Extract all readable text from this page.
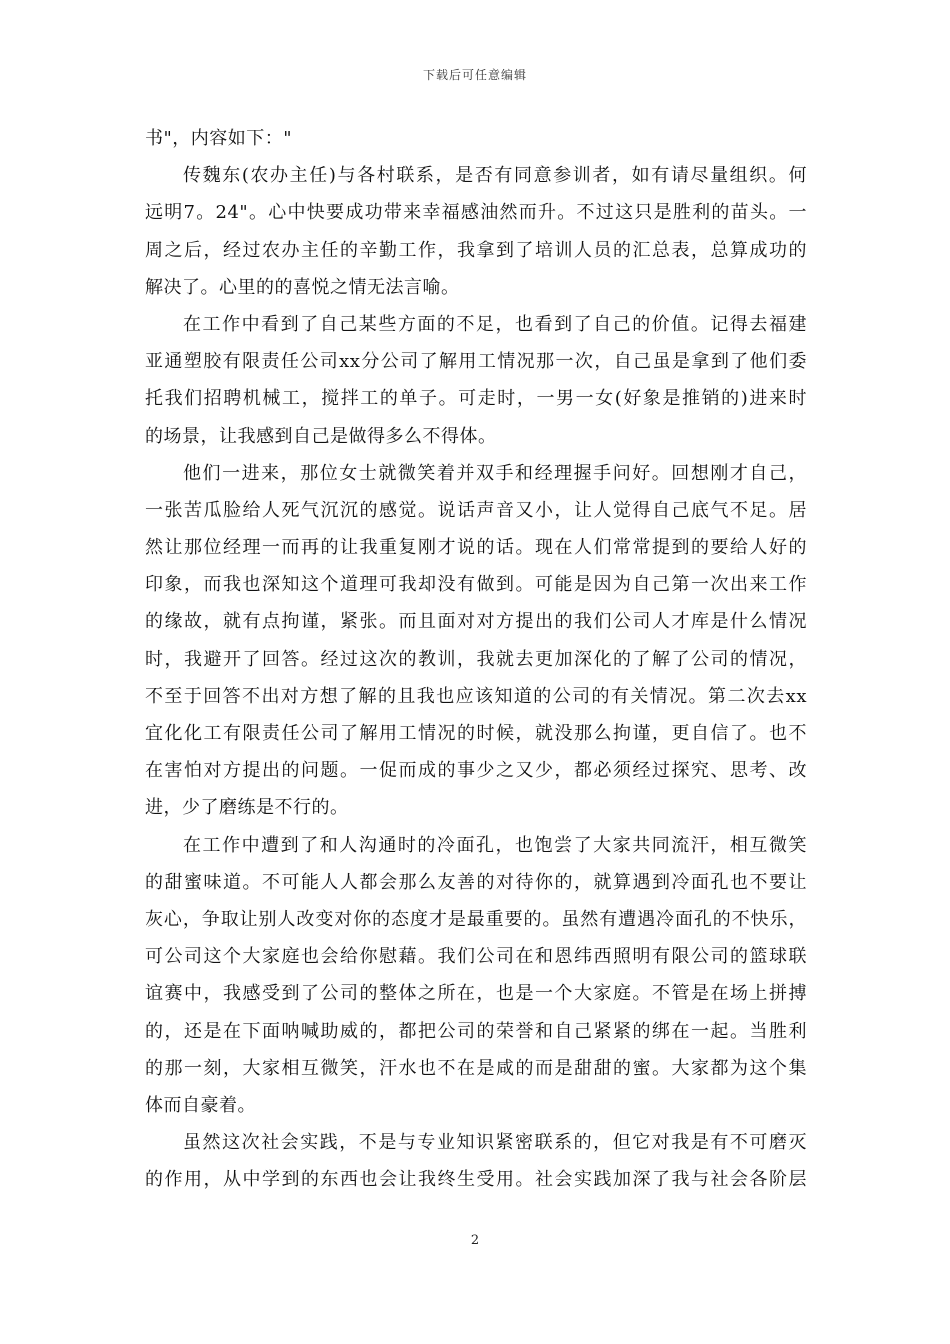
下载后可任意编辑
书"，内容如下："
传魏东(农办主任)与各村联系，是否有同意参训者，如有请尽量组织。何
远明7。24"。心中快要成功带来幸福感油然而升。不过这只是胜利的苗头。一
周之后，经过农办主任的辛勤工作，我拿到了培训人员的汇总表，总算成功的
解决了。心里的的喜悦之情无法言喻。
在工作中看到了自己某些方面的不足，也看到了自己的价值。记得去福建
亚通塑胶有限责任公司xx分公司了解用工情况那一次，自己虽是拿到了他们委
托我们招聘机械工，搅拌工的单子。可走时，一男一女(好象是推销的)进来时
的场景，让我感到自己是做得多么不得体。
他们一进来，那位女士就微笑着并双手和经理握手问好。回想刚才自己，
一张苦瓜脸给人死气沉沉的感觉。说话声音又小，让人觉得自己底气不足。居
然让那位经理一而再的让我重复刚才说的话。现在人们常常提到的要给人好的
印象，而我也深知这个道理可我却没有做到。可能是因为自己第一次出来工作
的缘故，就有点拘谨，紧张。而且面对对方提出的我们公司人才库是什么情况
时，我避开了回答。经过这次的教训，我就去更加深化的了解了公司的情况，
不至于回答不出对方想了解的且我也应该知道的公司的有关情况。第二次去xx
宜化化工有限责任公司了解用工情况的时候，就没那么拘谨，更自信了。也不
在害怕对方提出的问题。一促而成的事少之又少，都必须经过探究、思考、改
进，少了磨练是不行的。
在工作中遭到了和人沟通时的冷面孔，也饱尝了大家共同流汗，相互微笑
的甜蜜味道。不可能人人都会那么友善的对待你的，就算遇到冷面孔也不要让
灰心，争取让别人改变对你的态度才是最重要的。虽然有遭遇冷面孔的不快乐，
可公司这个大家庭也会给你慰藉。我们公司在和恩纬西照明有限公司的篮球联
谊赛中，我感受到了公司的整体之所在，也是一个大家庭。不管是在场上拼搏
的，还是在下面呐喊助威的，都把公司的荣誉和自己紧紧的绑在一起。当胜利
的那一刻，大家相互微笑，汗水也不在是咸的而是甜甜的蜜。大家都为这个集
体而自豪着。
虽然这次社会实践，不是与专业知识紧密联系的，但它对我是有不可磨灭
的作用，从中学到的东西也会让我终生受用。社会实践加深了我与社会各阶层
2
